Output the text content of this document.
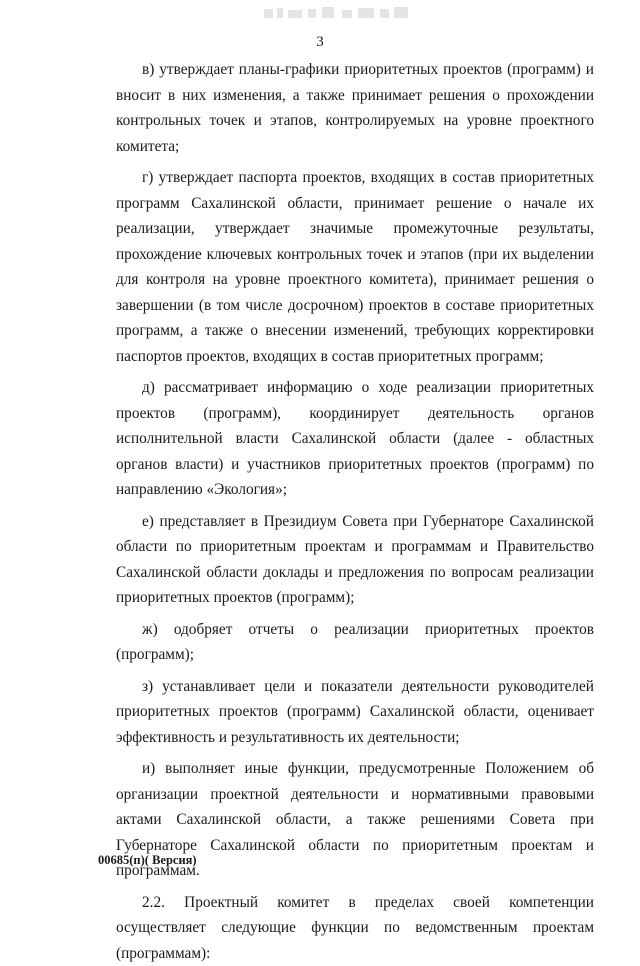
3

в) утверждает планы-графики приоритетных проектов (программ) и вносит в них изменения, а также принимает решения о прохождении контрольных точек и этапов, контролируемых на уровне проектного комитета;

г) утверждает паспорта проектов, входящих в состав приоритетных программ Сахалинской области, принимает решение о начале их реализации, утверждает значимые промежуточные результаты, прохождение ключевых контрольных точек и этапов (при их выделении для контроля на уровне проектного комитета), принимает решения о завершении (в том числе досрочном) проектов в составе приоритетных программ, а также о внесении изменений, требующих корректировки паспортов проектов, входящих в состав приоритетных программ;

д) рассматривает информацию о ходе реализации приоритетных проектов (программ), координирует деятельность органов исполнительной власти Сахалинской области (далее - областных органов власти) и участников приоритетных проектов (программ) по направлению «Экология»;

е) представляет в Президиум Совета при Губернаторе Сахалинской области по приоритетным проектам и программам и Правительство Сахалинской области доклады и предложения по вопросам реализации приоритетных проектов (программ);

ж) одобряет отчеты о реализации приоритетных проектов (программ);

з) устанавливает цели и показатели деятельности руководителей приоритетных проектов (программ) Сахалинской области, оценивает эффективность и результативность их деятельности;

и) выполняет иные функции, предусмотренные Положением об организации проектной деятельности и нормативными правовыми актами Сахалинской области, а также решениями Совета при Губернаторе Сахалинской области по приоритетным проектам и программам.

2.2. Проектный комитет в пределах своей компетенции осуществляет следующие функции по ведомственным проектам (программам):

00685(п)( Версия)
